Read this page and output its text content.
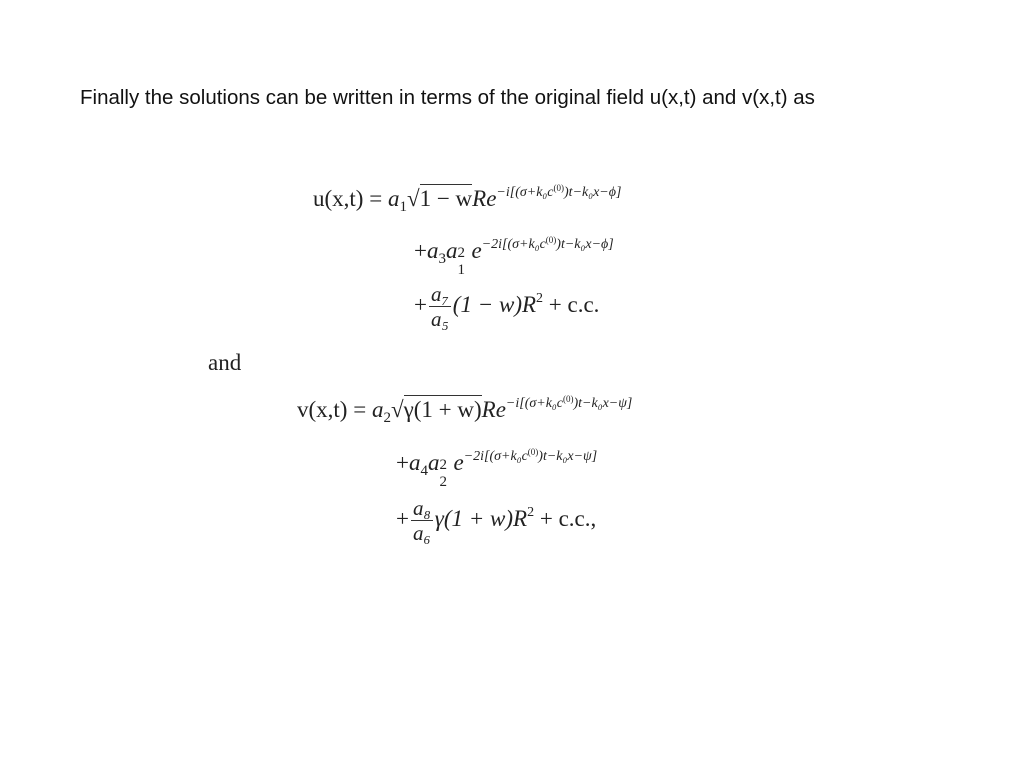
Finally the solutions can be written in terms of the original field u(x,t) and v(x,t) as
$u(x,t) = a_1√1 - wRe^{-i[(\sigma+k_0c^{(0)})t-k_0x-\phi]}$
$+a_3a$ 2
1
$e^{-2i[(\sigma+k_0c^{(0)})t-k_0x-\phi]}$
+ $\frac{\text{a₇}}{\text{a₅}} (1 - w)R^2 + c.c$.
and
$v(x,t) = a_2√\gamma(1 + w)Re^{-i[(\sigma+k_0c^{(0)})t-k_0x-\psi]}$
$+a_4a$ 2
2
$e^{-2i[(\sigma+k_0c^{(0)})t-k_0x-\psi]}$
+ $\frac{\text{a₈}}{\text{a₆}} \gamma(1 + w)R^2 + c.c$.,
